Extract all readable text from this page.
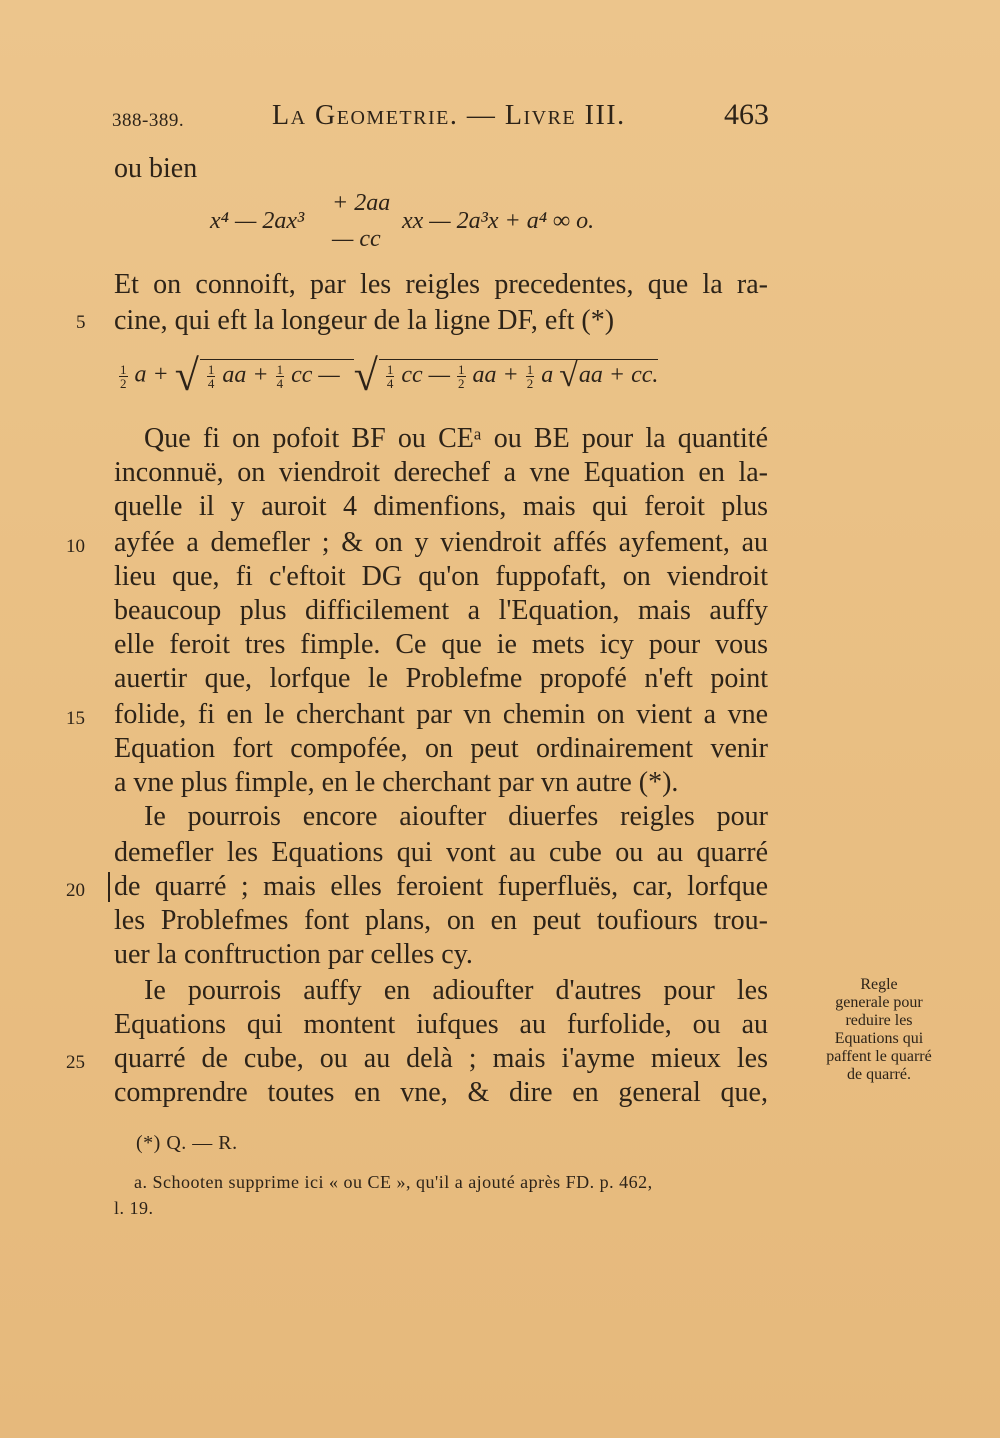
388-389.	La Geometrie. — Livre III.	463
ou bien
x⁴ — 2ax³
+ 2aa
— cc
xx — 2a³x + a⁴ ∞ o.
Et on connoift, par les reigles precedentes, que la ra-
cine, qui eft la longeur de la ligne DF, eft (*)
$\frac{1}{2}$ a + √ $\frac{1}{4}$ aa + $\frac{1}{4}$ cc — √ $\frac{1}{4}$ cc — $\frac{1}{2}$ aa + $\frac{1}{2}$ a √aa + cc.
Que fi on pofoit BF ou CEᵃ ou BE pour la quantité
inconnuë, on viendroit derechef a vne Equation en la-
quelle il y auroit 4 dimenfions, mais qui feroit plus
ayfée a demefler ; & on y viendroit affés ayfement, au
lieu que, fi c'eftoit DG qu'on fuppofaft, on viendroit
beaucoup plus difficilement a l'Equation, mais auffy
elle feroit tres fimple. Ce que ie mets icy pour vous
auertir que, lorfque le Problefme propofé n'eft point
folide, fi en le cherchant par vn chemin on vient a vne
Equation fort compofée, on peut ordinairement venir
a vne plus fimple, en le cherchant par vn autre (*).
Ie pourrois encore aioufter diuerfes reigles pour
demefler les Equations qui vont au cube ou au quarré
de quarré ; mais elles feroient fuperfluës, car, lorfque
les Problefmes font plans, on en peut toufiours trou-
uer la conftruction par celles cy.
Ie pourrois auffy en adioufter d'autres pour les
Equations qui montent iufques au furfolide, ou au
quarré de cube, ou au delà ; mais i'ayme mieux les
comprendre toutes en vne, & dire en general que,
5
10
15
20
25
Regle
generale pour
reduire les
Equations qui
paffent le quarré
de quarré.
(*) Q. — R.
a. Schooten supprime ici « ou CE », qu'il a ajouté après FD. p. 462,
l. 19.
